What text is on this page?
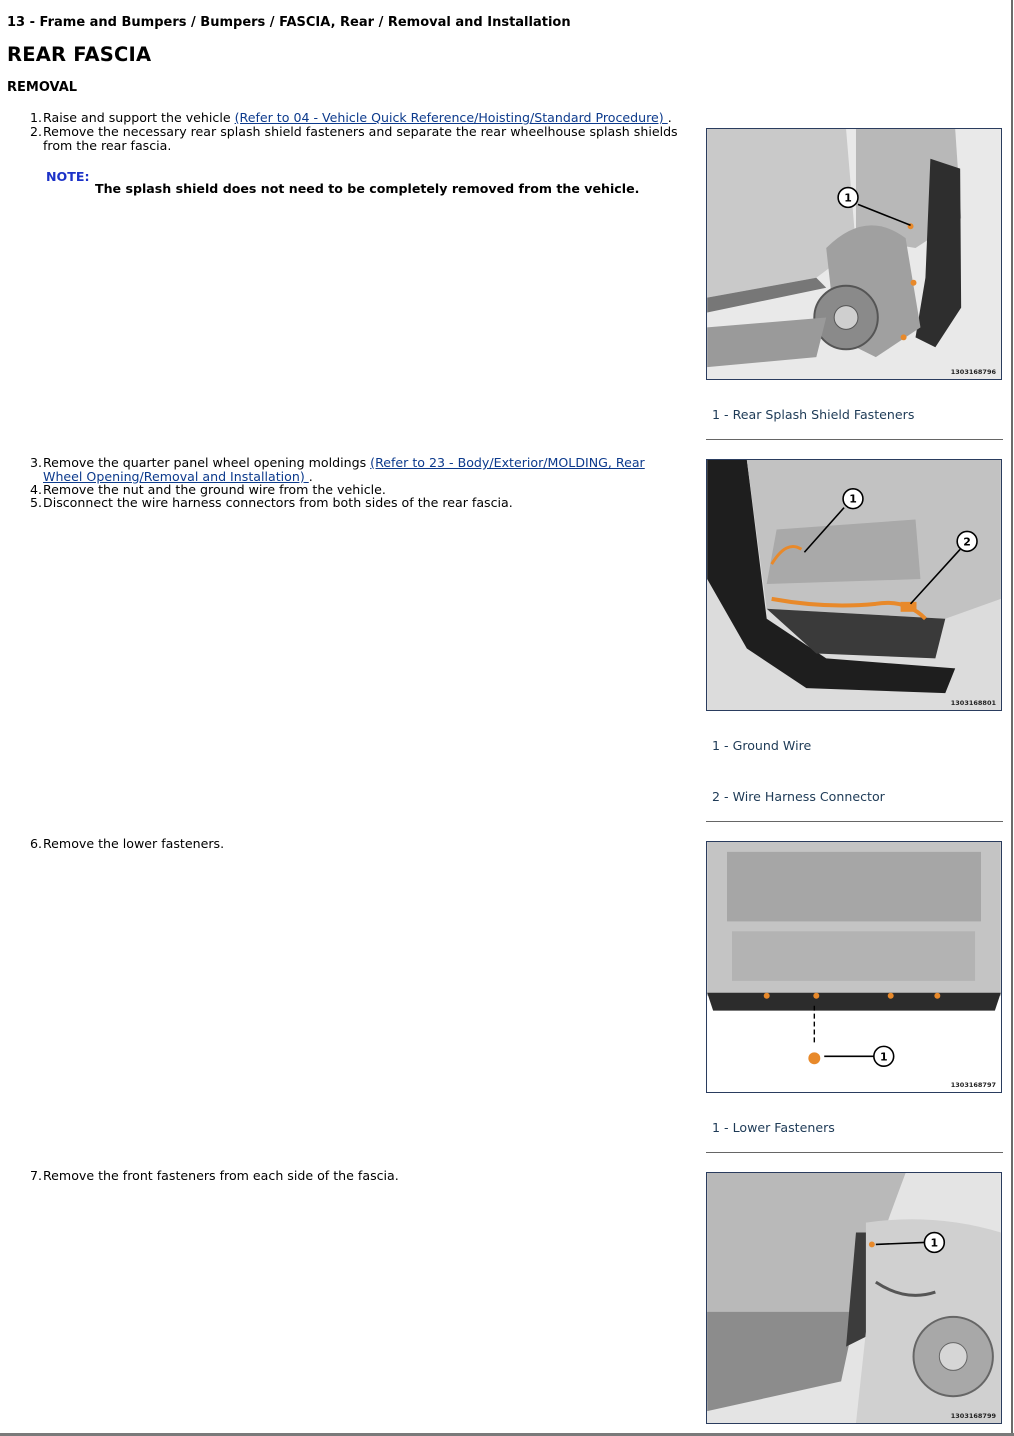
13 - Frame and Bumpers / Bumpers / FASCIA, Rear / Removal and Installation
REAR FASCIA
REMOVAL
1. Raise and support the vehicle (Refer to 04 - Vehicle Quick Reference/Hoisting/Standard Procedure) .
2. Remove the necessary rear splash shield fasteners and separate the rear wheelhouse splash shields from the rear fascia.
NOTE:
The splash shield does not need to be completely removed from the vehicle.
3. Remove the quarter panel wheel opening moldings (Refer to 23 - Body/Exterior/MOLDING, Rear Wheel Opening/Removal and Installation) .
4. Remove the nut and the ground wire from the vehicle.
5. Disconnect the wire harness connectors from both sides of the rear fascia.
6. Remove the lower fasteners.
7. Remove the front fasteners from each side of the fascia.
1
1303168796
1 - Rear Splash Shield Fasteners
1
2
1303168801
1 - Ground Wire
2 - Wire Harness Connector
1
1303168797
1 - Lower Fasteners
1
1303168799
